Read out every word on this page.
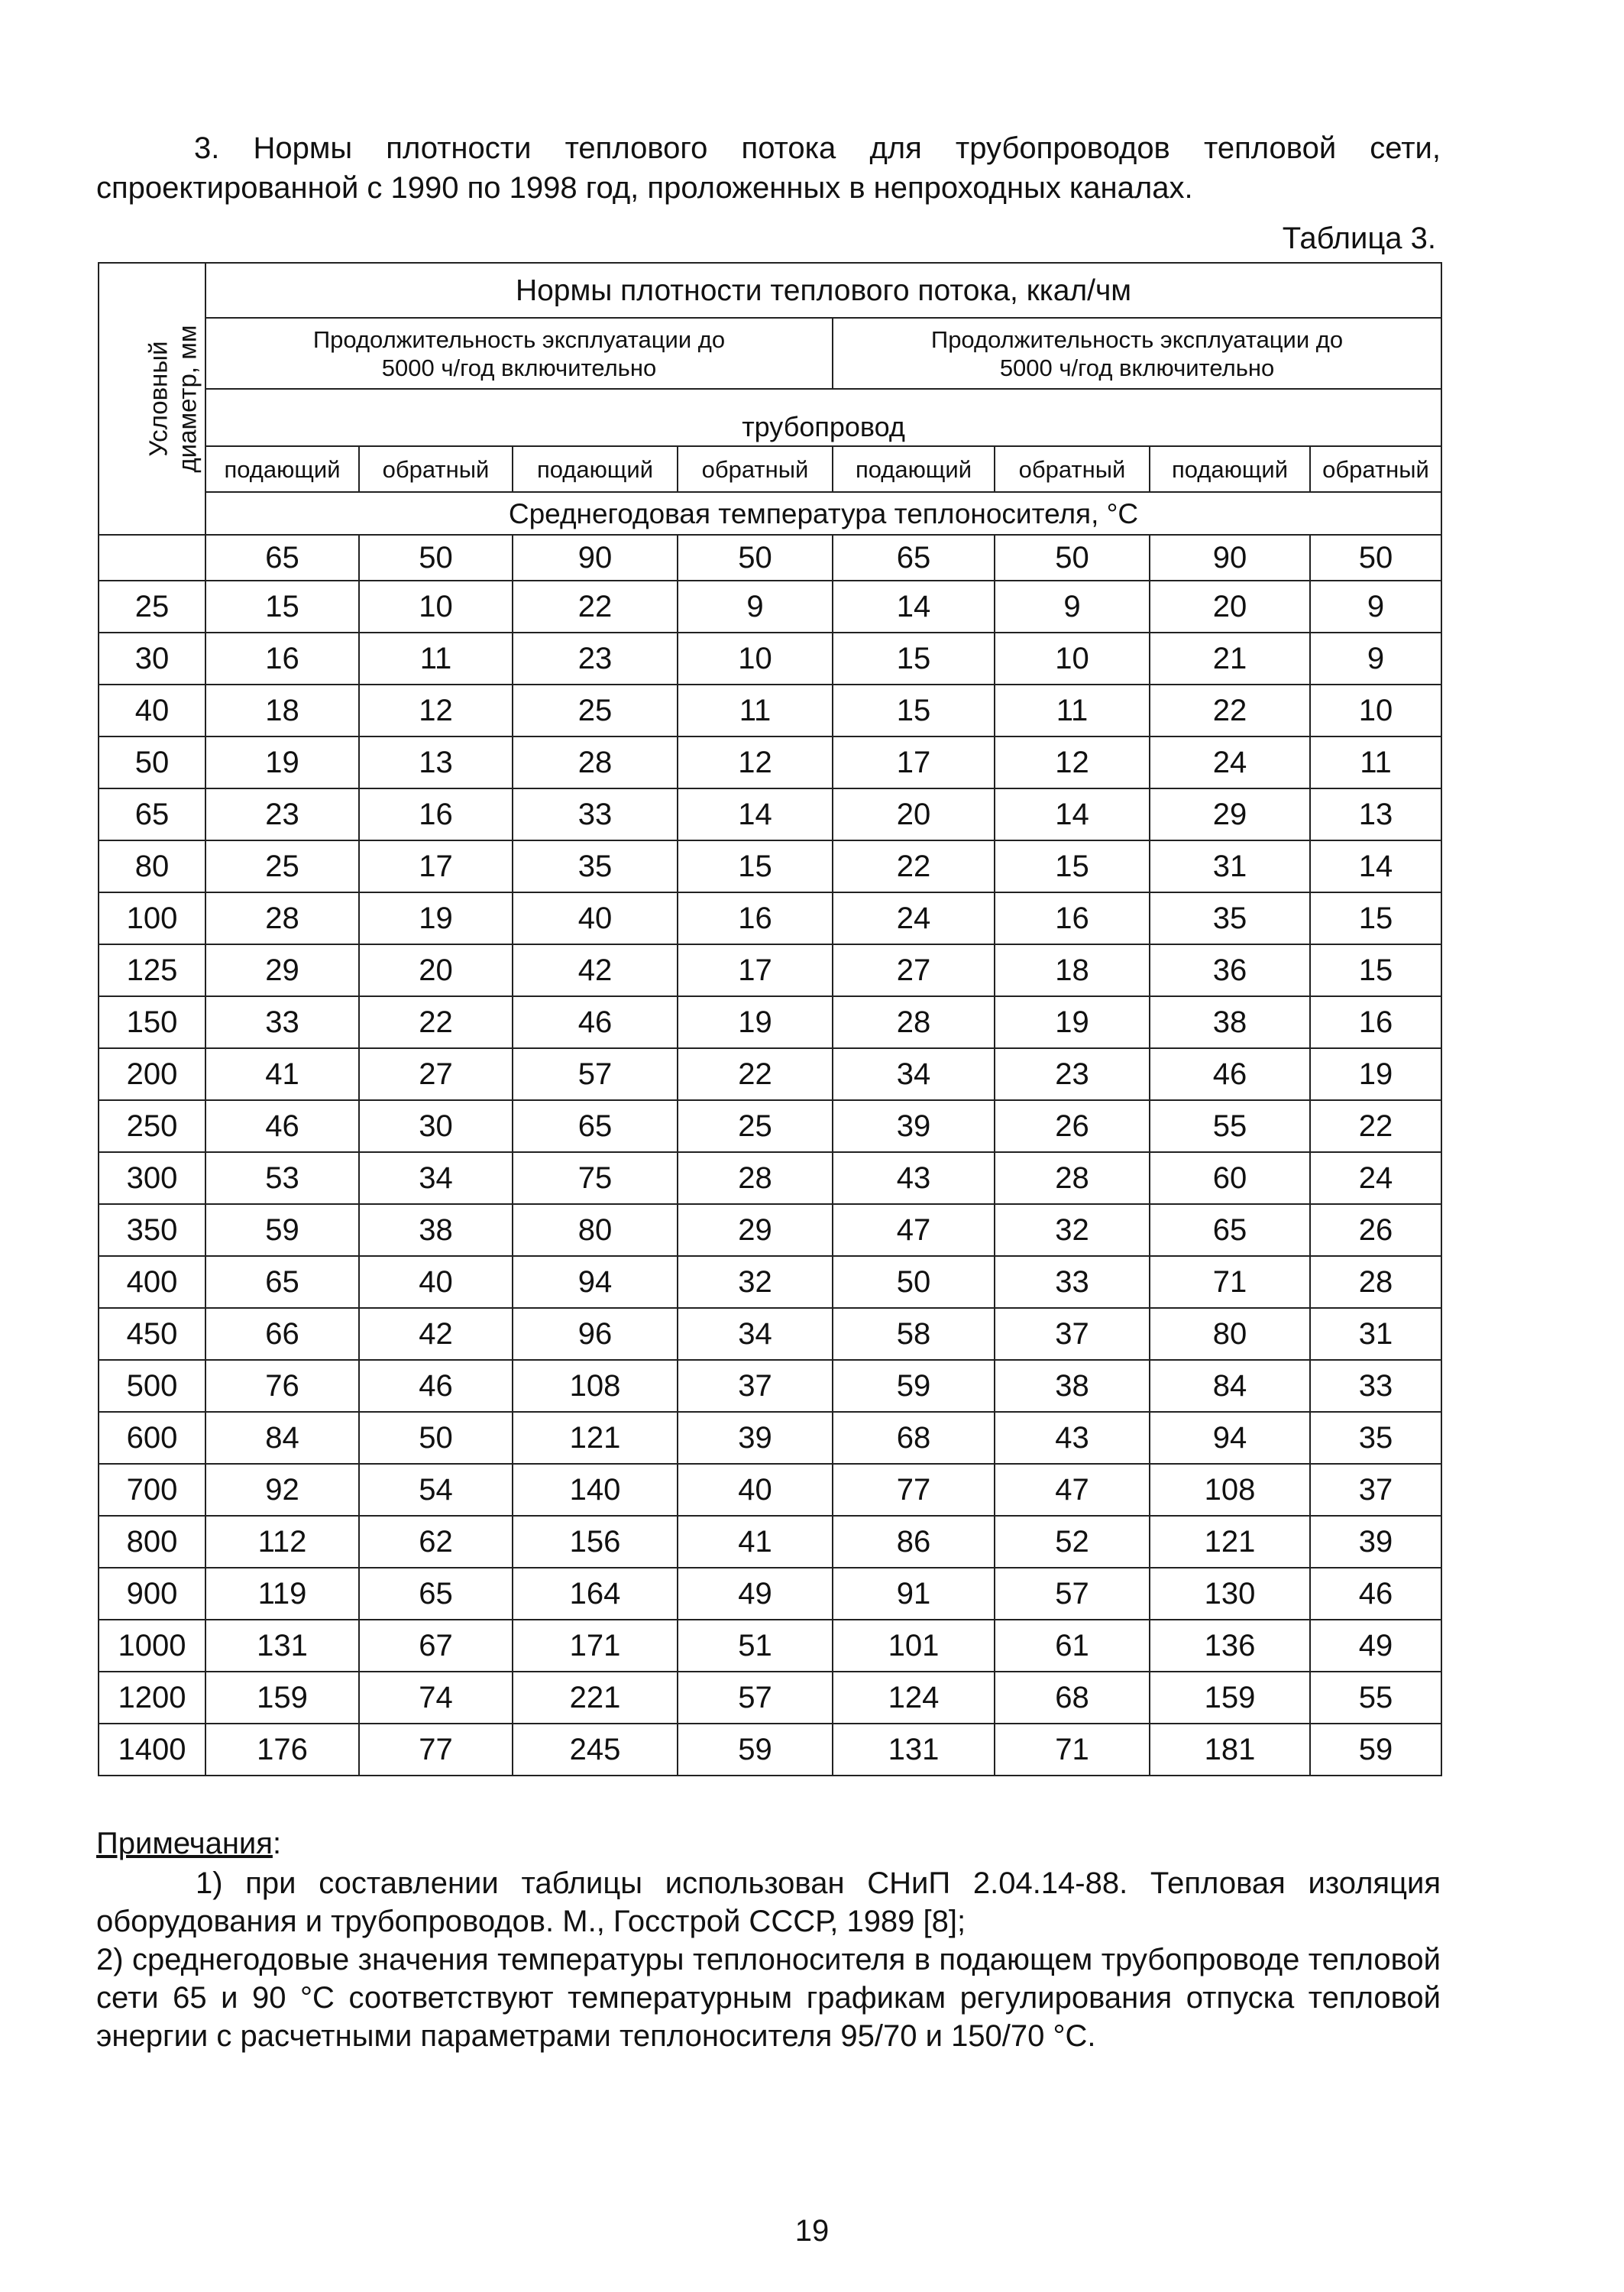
3. Нормы плотности теплового потока для трубопроводов тепловой сети,
спроектированной с 1990 по 1998 год, проложенных в непроходных каналах.
Таблица 3.
Условный
диаметр, мм	Нормы плотности теплового потока, ккал/чм							
	Продолжительность эксплуатации до
5000 ч/год включительно				Продолжительность эксплуатации до
5000 ч/год включительно			
	трубопровод							
	подающий	обратный	подающий	обратный	подающий	обратный	подающий	обратный
	Среднегодовая температура теплоносителя, °С							
	65	50	90	50	65	50	90	50
25	15	10	22	9	14	9	20	9
30	16	11	23	10	15	10	21	9
40	18	12	25	11	15	11	22	10
50	19	13	28	12	17	12	24	11
65	23	16	33	14	20	14	29	13
80	25	17	35	15	22	15	31	14
100	28	19	40	16	24	16	35	15
125	29	20	42	17	27	18	36	15
150	33	22	46	19	28	19	38	16
200	41	27	57	22	34	23	46	19
250	46	30	65	25	39	26	55	22
300	53	34	75	28	43	28	60	24
350	59	38	80	29	47	32	65	26
400	65	40	94	32	50	33	71	28
450	66	42	96	34	58	37	80	31
500	76	46	108	37	59	38	84	33
600	84	50	121	39	68	43	94	35
700	92	54	140	40	77	47	108	37
800	112	62	156	41	86	52	121	39
900	119	65	164	49	91	57	130	46
1000	131	67	171	51	101	61	136	49
1200	159	74	221	57	124	68	159	55
1400	176	77	245	59	131	71	181	59
Примечания:

1) при составлении таблицы использован СНиП 2.04.14-88. Тепловая изоляция оборудования и трубопроводов. М., Госстрой СССР, 1989 [8];

2) среднегодовые значения температуры теплоносителя в подающем трубопроводе тепловой сети 65 и 90 °С соответствуют температурным графикам регулирования отпуска тепловой энергии с расчетными параметрами теплоносителя 95/70 и 150/70 °С.

19
